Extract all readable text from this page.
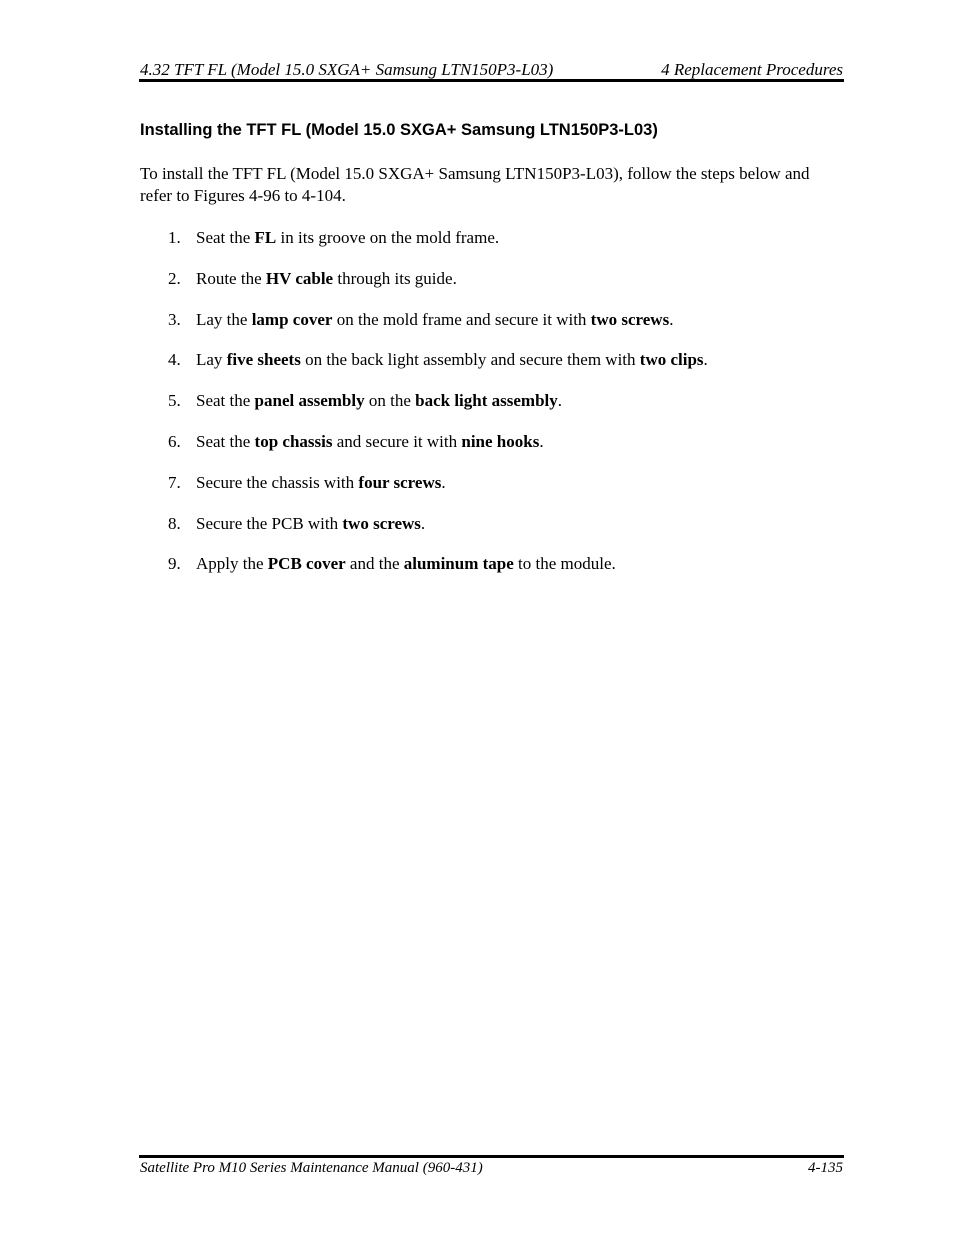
4.32 TFT FL (Model 15.0 SXGA+ Samsung LTN150P3-L03)	4 Replacement Procedures
Installing the TFT FL (Model 15.0 SXGA+ Samsung LTN150P3-L03)
To install the TFT FL (Model 15.0 SXGA+ Samsung LTN150P3-L03), follow the steps below and refer to Figures 4-96 to 4-104.
1. Seat the FL in its groove on the mold frame.
2. Route the HV cable through its guide.
3. Lay the lamp cover on the mold frame and secure it with two screws.
4. Lay five sheets on the back light assembly and secure them with two clips.
5. Seat the panel assembly on the back light assembly.
6. Seat the top chassis and secure it with nine hooks.
7. Secure the chassis with four screws.
8. Secure the PCB with two screws.
9. Apply the PCB cover and the aluminum tape to the module.
Satellite Pro M10 Series Maintenance Manual (960-431)	4-135
